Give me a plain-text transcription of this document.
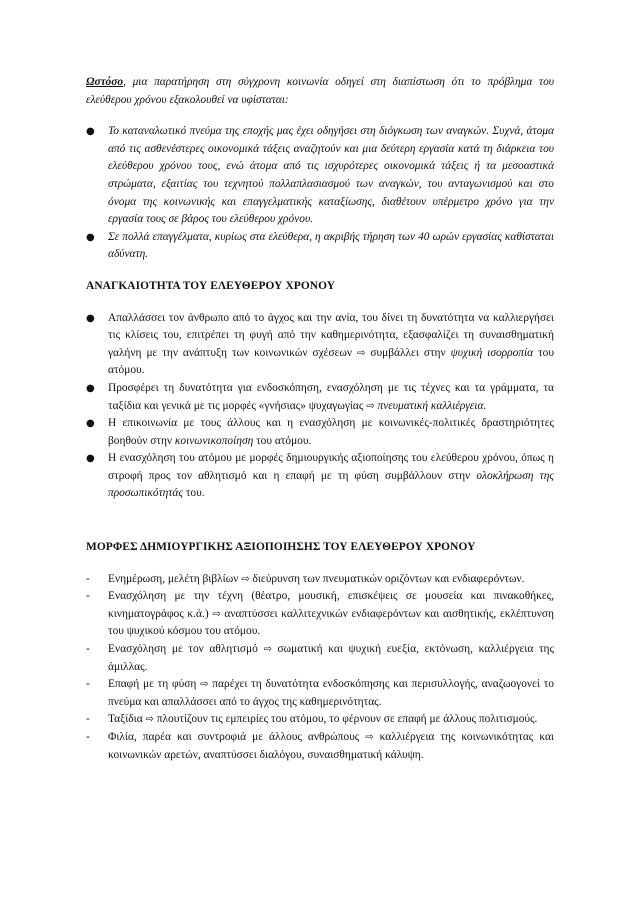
Ωστόσο, μια παρατήρηση στη σύγχρονη κοινωνία οδηγεί στη διαπίστωση ότι το πρόβλημα του ελεύθερου χρόνου εξακολουθεί να υφίσταται:

●	Το καταναλωτικό πνεύμα της εποχής μας έχει οδηγήσει στη διόγκωση των αναγκών. Συχνά, άτομα από τις ασθενέστερες οικονομικά τάξεις αναζητούν και μια δεύτερη εργασία κατά τη διάρκεια του ελεύθερου χρόνου τους, ενώ άτομα από τις ισχυρότερες οικονομικά τάξεις ή τα μεσοαστικά στρώματα, εξαιτίας του τεχνητού πολλαπλασιασμού των αναγκών, του ανταγωνισμού και στο όνομα της κοινωνικής και επαγγελματικής καταξίωσης, διαθέτουν υπέρμετρο χρόνο για την εργασία τους σε βάρος του ελεύθερου χρόνου.
●	Σε πολλά επαγγέλματα, κυρίως στα ελεύθερα, η ακριβής τήρηση των 40 ωρών εργασίας καθίσταται αδύνατη.

ΑΝΑΓΚΑΙΟΤΗΤΑ ΤΟΥ ΕΛΕΥΘΕΡΟΥ ΧΡΟΝΟΥ

●	Απαλλάσσει τον άνθρωπο από το άγχος και την ανία, του δίνει τη δυνατότητα να καλλιεργήσει τις κλίσεις του, επιτρέπει τη φυγή από την καθημερινότητα, εξασφαλίζει τη συναισθηματική γαλήνη με την ανάπτυξη των κοινωνικών σχέσεων ⇨ συμβάλλει στην ψυχική ισορροπία του ατόμου.
●	Προσφέρει τη δυνατότητα για ενδοσκόπηση, ενασχόληση με τις τέχνες και τα γράμματα, τα ταξίδια και γενικά με τις μορφές «γνήσιας» ψυχαγωγίας ⇨ πνευματική καλλιέργεια.
●	Η επικοινωνία με τους άλλους και η ενασχόληση με κοινωνικές-πολιτικές δραστηριότητες βοηθούν στην κοινωνικοποίηση του ατόμου.
●	Η ενασχόληση του ατόμου με μορφές δημιουργικής αξιοποίησης του ελεύθερου χρόνου, όπως η στροφή προς τον αθλητισμό και η επαφή με τη φύση συμβάλλουν στην ολοκλήρωση της προσωπικότητάς του.

ΜΟΡΦΕΣ ΔΗΜΙΟΥΡΓΙΚΗΣ ΑΞΙΟΠΟΙΗΣΗΣ ΤΟΥ ΕΛΕΥΘΕΡΟΥ ΧΡΟΝΟΥ

- Ενημέρωση, μελέτη βιβλίων ⇨ διεύρυνση των πνευματικών οριζόντων και ενδιαφερόντων.
- Ενασχόληση με την τέχνη (θέατρο, μουσική, επισκέψεις σε μουσεία και πινακοθήκες, κινηματογράφος κ.ά.) ⇨ αναπτύσσει καλλιτεχνικών ενδιαφερόντων και αισθητικής, εκλέπτυνση του ψυχικού κόσμου του ατόμου.
- Ενασχόληση με τον αθλητισμό ⇨ σωματική και ψυχική ευεξία, εκτόνωση, καλλιέργεια της άμιλλας.
- Επαφή με τη φύση ⇨ παρέχει τη δυνατότητα ενδοσκόπησης και περισυλλογής, αναζωογονεί το πνεύμα και απαλλάσσει από το άγχος της καθημερινότητας.
- Ταξίδια ⇨ πλουτίζουν τις εμπειρίες του ατόμου, το φέρνουν σε επαφή με άλλους πολιτισμούς.
- Φιλία, παρέα και συντροφιά με άλλους ανθρώπους ⇨ καλλιέργεια της κοινωνικότητας και κοινωνικών αρετών, αναπτύσσει διαλόγου, συναισθηματική κάλυψη.
